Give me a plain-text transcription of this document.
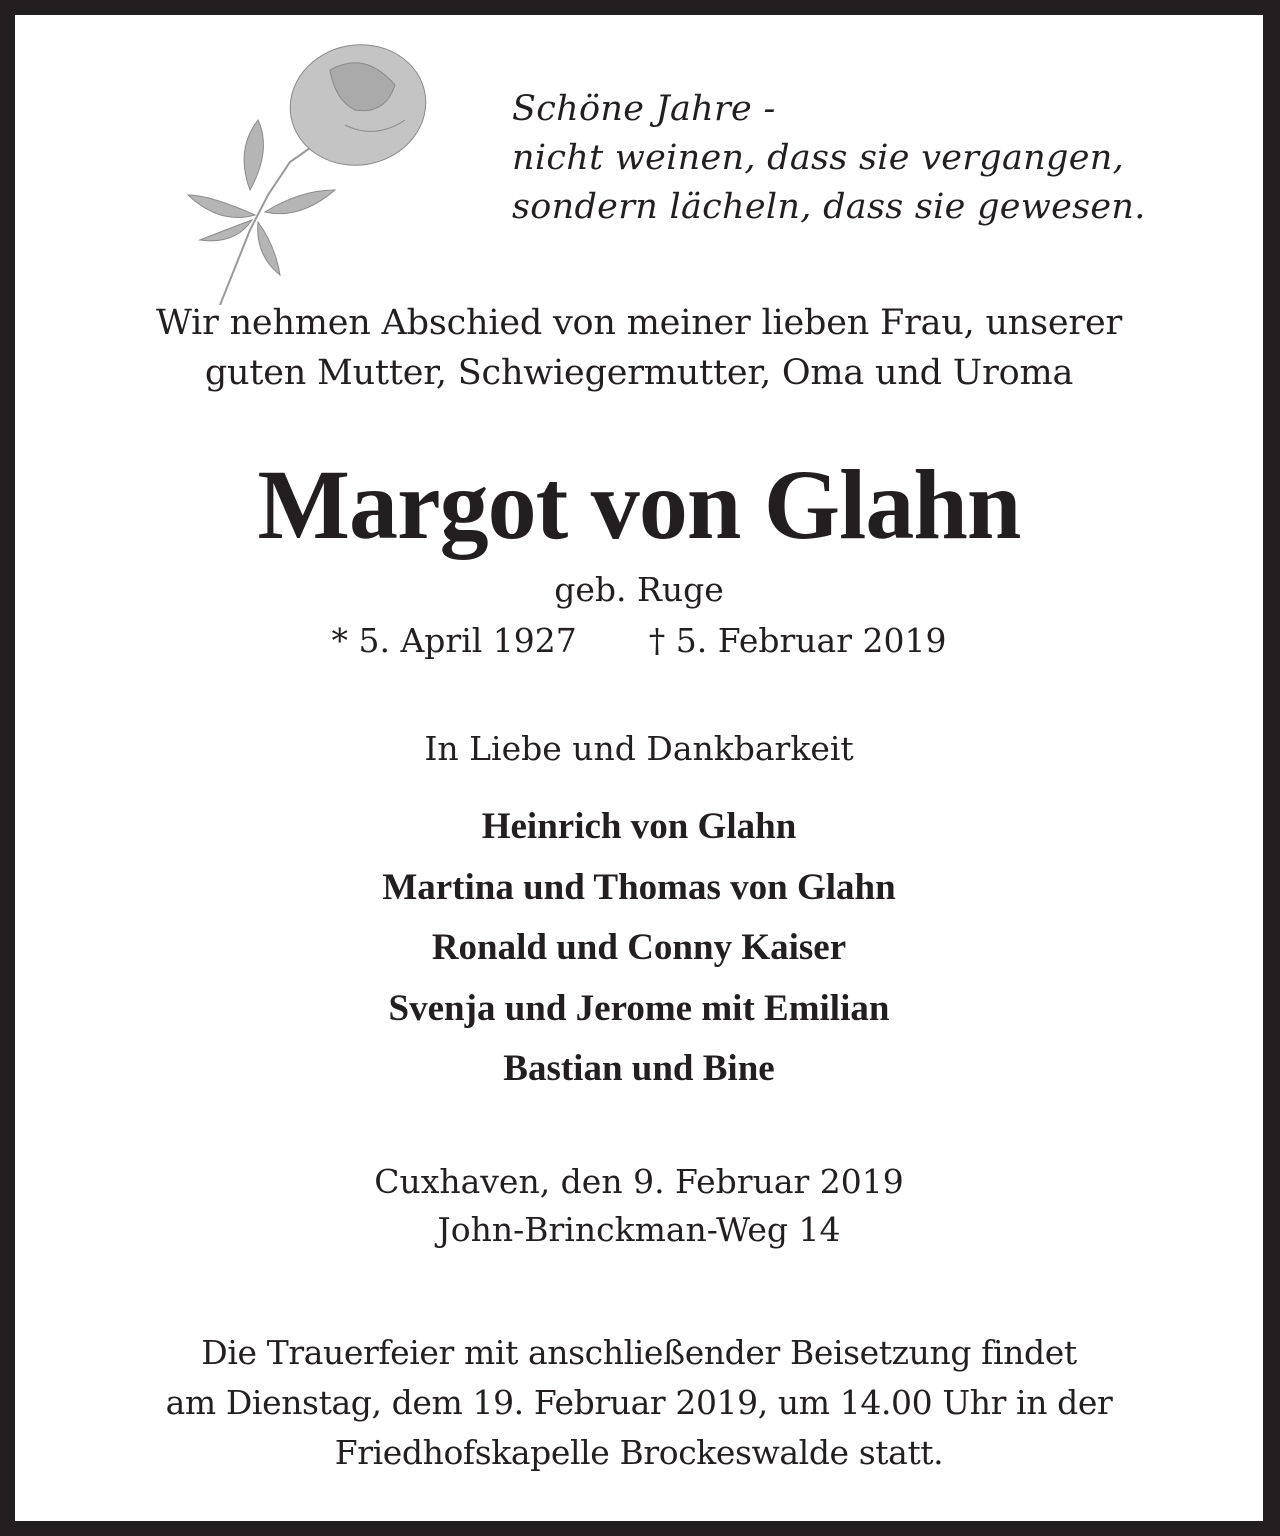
Schöne Jahre -
nicht weinen, dass sie vergangen,
sondern lächeln, dass sie gewesen.
Wir nehmen Abschied von meiner lieben Frau, unserer
guten Mutter, Schwiegermutter, Oma und Uroma
Margot von Glahn
geb. Ruge
* 5. April 1927 † 5. Februar 2019
In Liebe und Dankbarkeit
Heinrich von Glahn
Martina und Thomas von Glahn
Ronald und Conny Kaiser
Svenja und Jerome mit Emilian
Bastian und Bine
Cuxhaven, den 9. Februar 2019
John-Brinckman-Weg 14
Die Trauerfeier mit anschließender Beisetzung findet
am Dienstag, dem 19. Februar 2019, um 14.00 Uhr in der
Friedhofskapelle Brockeswalde statt.
